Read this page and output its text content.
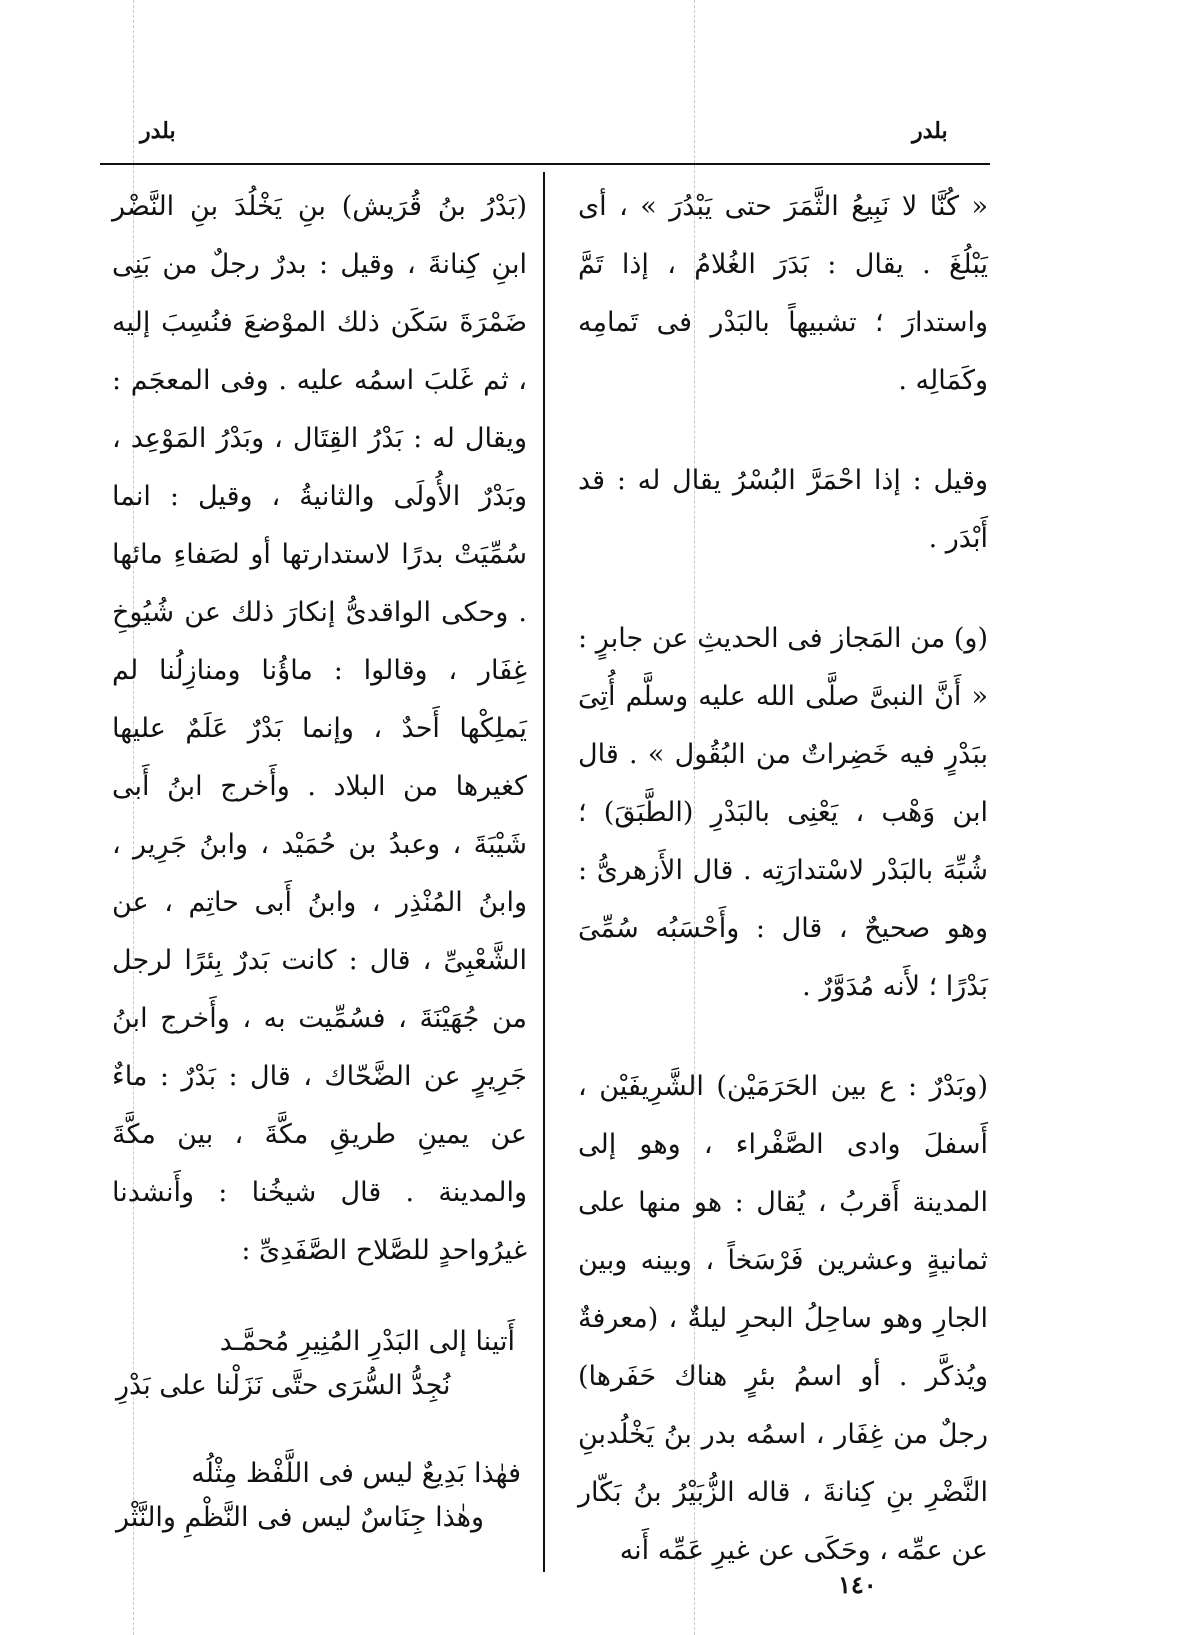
بلدر	بلدر

« كُنَّا لا نَبِيعُ الثَّمَرَ حتى يَبْدُرَ » ، أى يَبْلُغَ . يقال : بَدَرَ الغُلامُ ، إذا تَمَّ واستدارَ ؛ تشبيهاً بالبَدْر فى تَمامِه وكَمَالِه .

وقيل : إذا احْمَرَّ البُسْرُ يقال له : قد أَبْدَر .

(و) من المَجاز فى الحديثِ عن جابرٍ : « أَنَّ النبىَّ صلَّى الله عليه وسلَّم أُتِىَ ببَدْرٍ فيه خَضِراتٌ من البُقُول » . قال ابن وَهْب ، يَعْنِى بالبَدْرِ (الطَّبَقَ) ؛ شُبِّهَ بالبَدْر لاسْتدارَتِه . قال الأَزهرىُّ : وهو صحيحٌ ، قال : وأَحْسَبُه سُمِّىَ بَدْرًا ؛ لأَنه مُدَوَّرٌ .

(وبَدْرٌ : ع بين الحَرَمَيْن) الشَّرِيفَيْن ، أَسفلَ وادى الصَّفْراء ، وهو إلى المدينة أَقربُ ، يُقال : هو منها على ثمانيةٍ وعشرين فَرْسَخاً ، وبينه وبين الجارِ وهو ساحِلُ البحرِ ليلةٌ ، (معرفةٌ ويُذكَّر . أو اسمُ بئرٍ هناك حَفَرها) رجلٌ من غِفَار ، اسمُه بدر بنُ يَخْلُدبنِ النَّضْرِ بنِ كِنانةَ ، قاله الزُّبَيْرُ بنُ بَكّار عن عمِّه ، وحَكَى عن غيرِ عَمِّه أَنه

(بَدْرُ بنُ قُرَيش) بنِ يَخْلُدَ بنِ النَّضْر ابنِ كِنانةَ ، وقيل : بدرٌ رجلٌ من بَنِى ضَمْرَةَ سَكَن ذلك الموْضعَ فنُسِبَ إليه ، ثم غَلبَ اسمُه عليه . وفى المعجَم : ويقال له : بَدْرُ القِتَال ، وبَدْرُ المَوْعِد ، وبَدْرٌ الأُولَى والثانيةُ ، وقيل : انما سُمِّيَتْ بدرًا لاستدارتها أو لصَفاءِ مائها . وحكى الواقدىُّ إنكارَ ذلك عن شُيُوخِ غِفَار ، وقالوا : ماؤُنا ومنازِلُنا لم يَملِكْها أَحدٌ ، وإنما بَدْرٌ عَلَمٌ عليها كغيرها من البلاد . وأَخرج ابنُ أَبى شَيْبَةَ ، وعبدُ بن حُمَيْد ، وابنُ جَرِير ، وابنُ المُنْذِر ، وابنُ أَبى حاتِم ، عن الشَّعْبِىِّ ، قال : كانت بَدرٌ بِئرًا لرجل من جُهَيْنَةَ ، فسُمِّيت به ، وأَخرج ابنُ جَرِيرٍ عن الضَّحّاك ، قال : بَدْرٌ : ماءٌ عن يمينِ طريقِ مكَّةَ ، بين مكَّةَ والمدينة . قال شيخُنا : وأَنشدنا غيرُواحدٍ للصَّلاح الصَّفَدِىِّ :

أَتينا إلى البَدْرِ المُنِيرِ مُحمَّـد

نُجِدُّ السُّرَى حتَّى نَزَلْنا على بَدْرِ

فهٰذا بَدِيعٌ ليس فى اللَّفْظ مِثْلُه

وهٰذا جِنَاسٌ ليس فى النَّظْمِ والنَّثْر

١٤٠
